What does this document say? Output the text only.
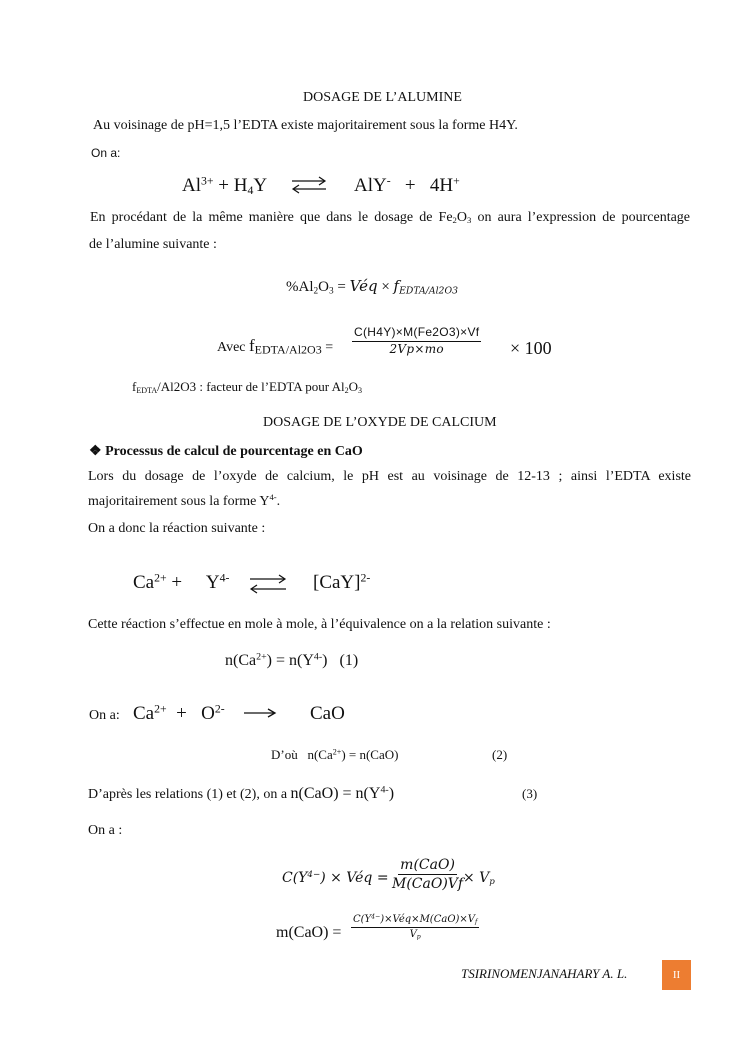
DOSAGE DE L’ALUMINE
Au voisinage de pH=1,5 l’EDTA existe majoritairement sous la forme H4Y.
On a:
$Al^{3+} + H_4Y$	AlY-   +   4H+
En procédant de la même manière que dans le dosage de $Fe_2O_3$ on aura l’expression de pourcentage
de l’alumine suivante :
$\%Al_2O_3$ = Véq × $f_{EDTA/Al2O3}$
Avec $f_{EDTA/Al2O3} = \frac{C(H4Y)\times M(Fe2O3)\times Vf}{2Vp\times mo} \times 100$
$f_{EDTA}/Al2O3$ : facteur de l’EDTA pour $Al_2O_3$
DOSAGE DE L’OXYDE DE CALCIUM
❖ Processus de calcul de pourcentage en CaO
Lors du dosage de l’oxyde de calcium, le pH est au voisinage de 12-13 ; ainsi l’EDTA existe
majoritairement sous la forme $Y^{4-}$.
On a donc la réaction suivante :
$Ca^{2+}$ +     $Y^{4-}$ ⇌ [CaY]$^{2-}$
Cette réaction s’effectue en mole à mole, à l’équivalence on a la relation suivante :
$n(Ca^{2+}) = n(Y^{4-})$   (1)
On a: $Ca^{2+} + O^{2-}$	CaO
D’où   $n(Ca^{2+}) = n(CaO)$	(2)
D’après les relations (1) et (2), on a $n(CaO) = n(Y^{4-})$	(3)
On a :
$C(Y^{4-})$ × Véq = $\frac{\text{m(CaO)}}{\text{M(CaO)Vf}}$
× $V_p$
$m(CaO) = \frac{C(Y^{4-})\times Véq\times M(CaO)\times V_f}{V_p}$
TSIRINOMENJANAHARY A. L.	II
